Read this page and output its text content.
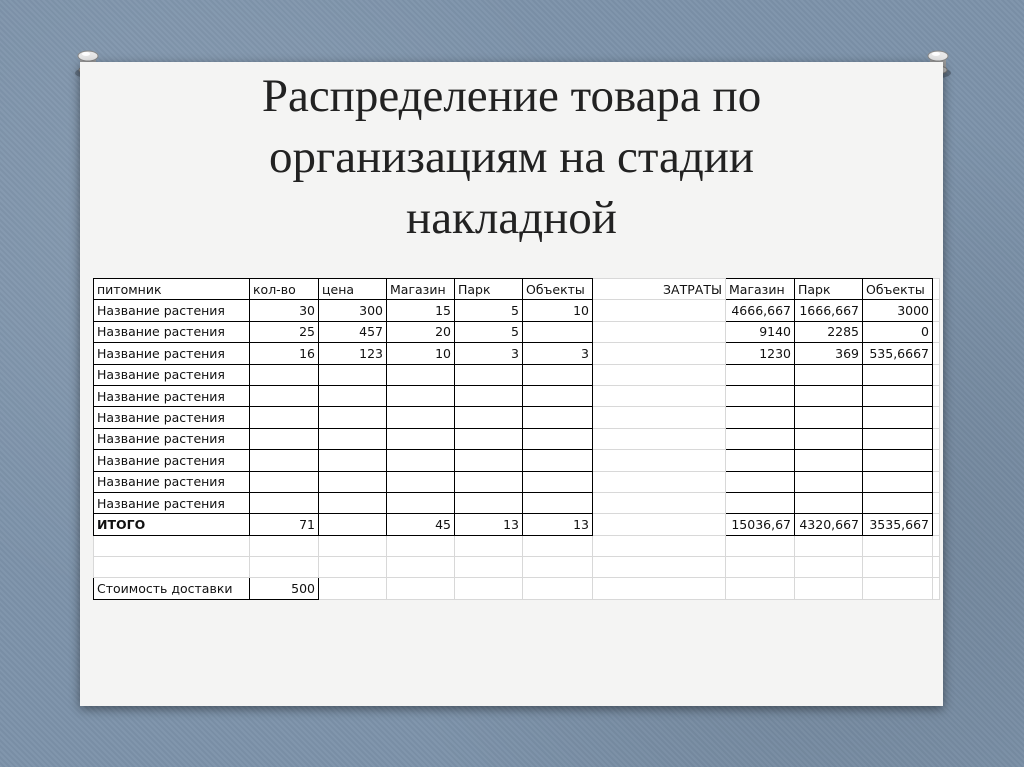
Распределение товара по
организациям на стадии
накладной
питомник	кол-во	цена	Магазин	Парк	Объекты	ЗАТРАТЫ	Магазин	Парк	Объекты	
Название растения	30	300	15	5	10		4666,667	1666,667	3000	
Название растения	25	457	20	5			9140	2285	0	
Название растения	16	123	10	3	3		1230	369	535,6667	
Название растения										
Название растения										
Название растения										
Название растения										
Название растения										
Название растения										
Название растения										
ИТОГО	71		45	13	13		15036,67	4320,667	3535,667	

Стоимость доставки	500									
